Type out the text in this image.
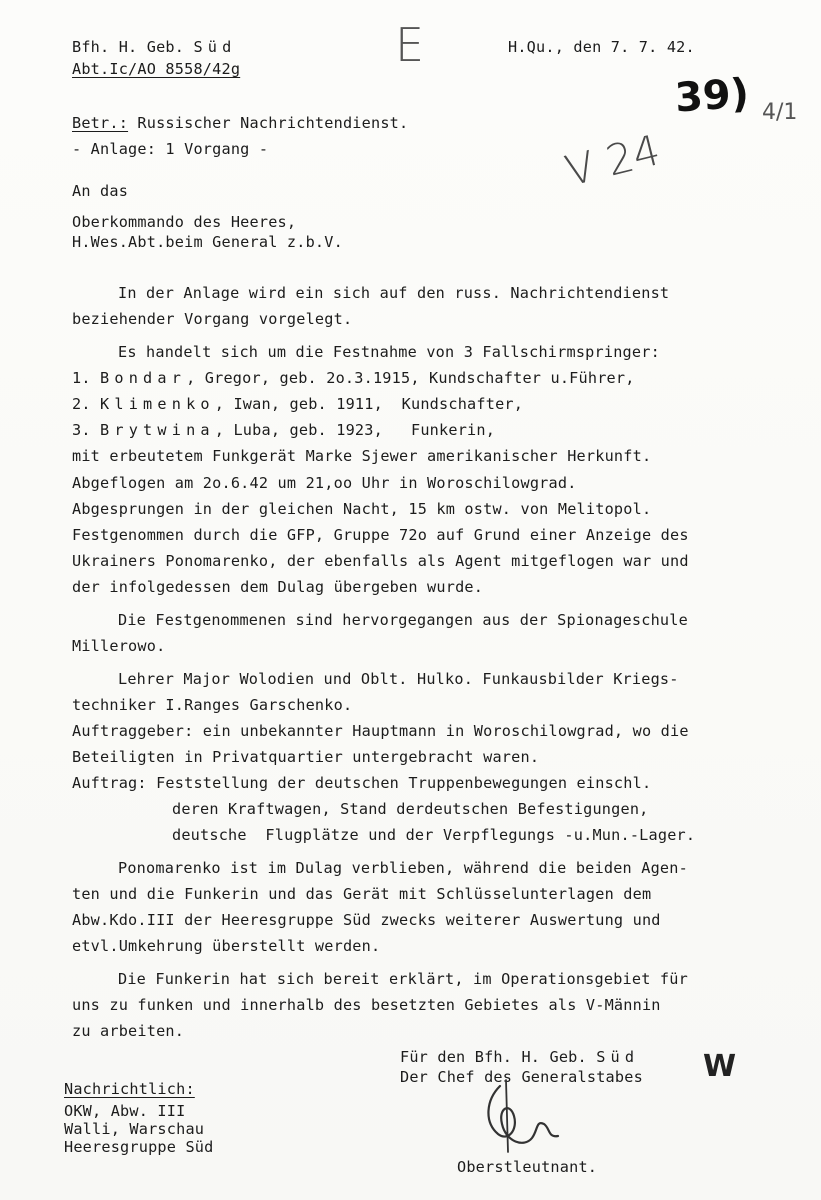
Bfh. H. Geb. Süd
Abt.Ic/AO 8558/42g
H.Qu., den 7. 7. 42.
E
39) 4/1
V 24
Betr.: Russischer Nachrichtendienst.
- Anlage: 1 Vorgang -
An das
Oberkommando des Heeres,
H.Wes.Abt.beim General z.b.V.
In der Anlage wird ein sich auf den russ. Nachrichtendienst
beziehender Vorgang vorgelegt.
Es handelt sich um die Festnahme von 3 Fallschirmspringer:
1. Bondar, Gregor, geb. 2o.3.1915, Kundschafter u.Führer,
2. Klimenko, Iwan, geb. 1911,  Kundschafter,
3. Brytwina, Luba, geb. 1923,   Funkerin,
mit erbeutetem Funkgerät Marke Sjewer amerikanischer Herkunft.
Abgeflogen am 2o.6.42 um 21,oo Uhr in Woroschilowgrad.
Abgesprungen in der gleichen Nacht, 15 km ostw. von Melitopol.
Festgenommen durch die GFP, Gruppe 72o auf Grund einer Anzeige des
Ukrainers Ponomarenko, der ebenfalls als Agent mitgeflogen war und
der infolgedessen dem Dulag übergeben wurde.
Die Festgenommenen sind hervorgegangen aus der Spionageschule
Millerowo.
Lehrer Major Wolodien und Oblt. Hulko. Funkausbilder Kriegs-
techniker I.Ranges Garschenko.
Auftraggeber: ein unbekannter Hauptmann in Woroschilowgrad, wo die
Beteiligten in Privatquartier untergebracht waren.
Auftrag: Feststellung der deutschen Truppenbewegungen einschl.
deren Kraftwagen, Stand derdeutschen Befestigungen,
deutsche  Flugplätze und der Verpflegungs -u.Mun.-Lager.
Ponomarenko ist im Dulag verblieben, während die beiden Agen-
ten und die Funkerin und das Gerät mit Schlüsselunterlagen dem
Abw.Kdo.III der Heeresgruppe Süd zwecks weiterer Auswertung und
etvl.Umkehrung überstellt werden.
Die Funkerin hat sich bereit erklärt, im Operationsgebiet für
uns zu funken und innerhalb des besetzten Gebietes als V-Männin
zu arbeiten.
Für den Bfh. H. Geb. Süd
Der Chef des Generalstabes W
Oberstleutnant.
Nachrichtlich:
OKW, Abw. III
Walli, Warschau
Heeresgruppe Süd
